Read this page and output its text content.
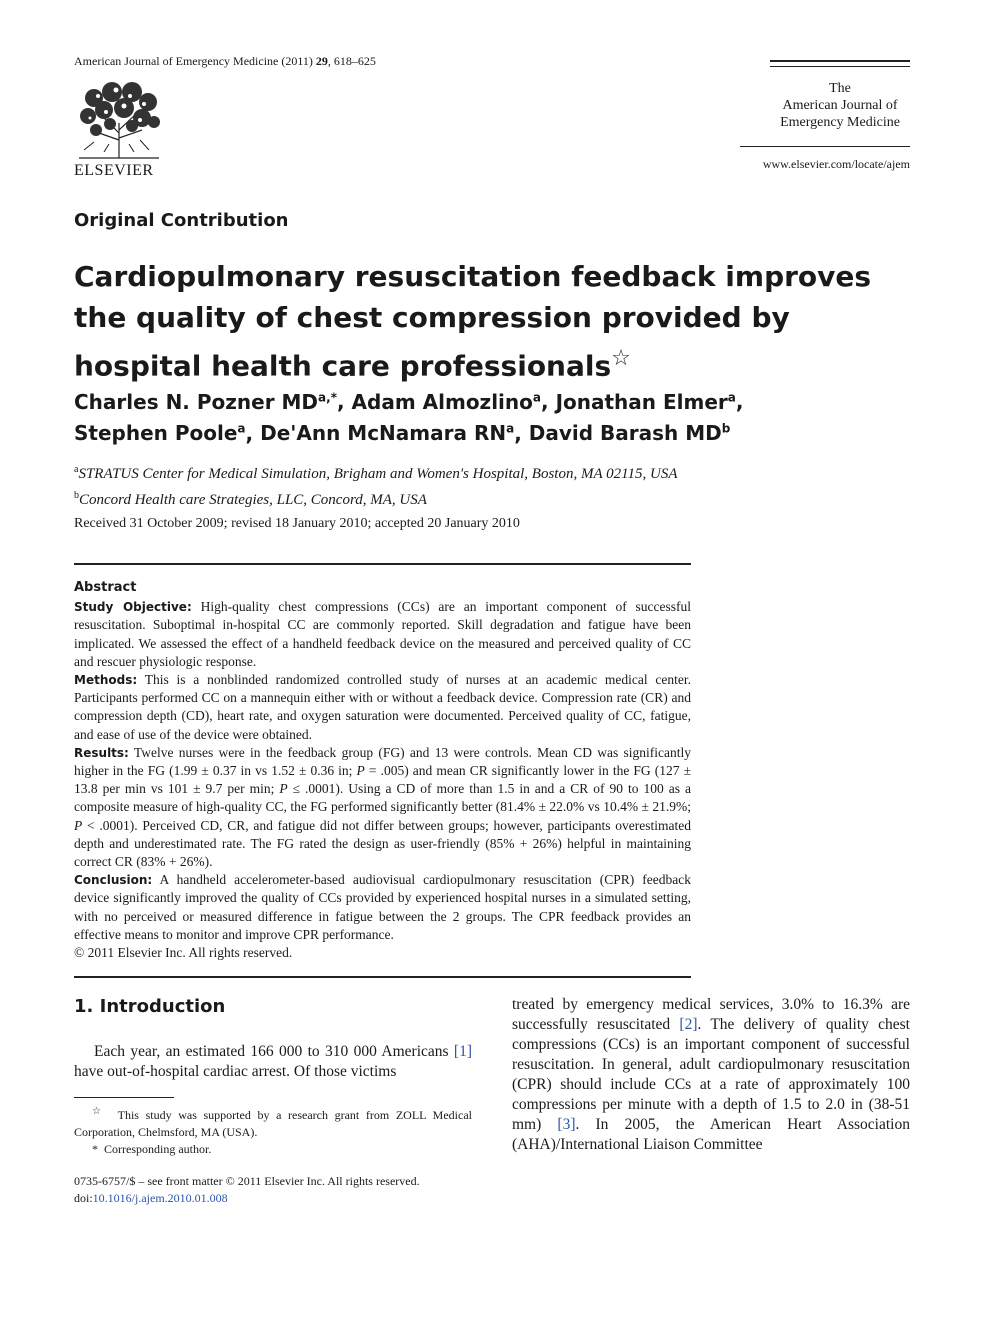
American Journal of Emergency Medicine (2011) 29, 618–625
ELSEVIER
The
American Journal of
Emergency Medicine
www.elsevier.com/locate/ajem
Original Contribution
Cardiopulmonary resuscitation feedback improves the quality of chest compression provided by hospital health care professionals☆
Charles N. Pozner $MD^{a,*}$, Adam Almozlino$^a$, Jonathan Elmer$^a$,
Stephen Poole$^a$, De'Ann McNamara $RN^a$, David Barash $MD^b$
$^a$STRATUS Center for Medical Simulation, Brigham and Women's Hospital, Boston, MA 02115, USA
$^b$Concord Health care Strategies, LLC, Concord, MA, USA
Received 31 October 2009; revised 18 January 2010; accepted 20 January 2010
Abstract

Study Objective: High-quality chest compressions (CCs) are an important component of successful resuscitation. Suboptimal in-hospital CC are commonly reported. Skill degradation and fatigue have been implicated. We assessed the effect of a handheld feedback device on the measured and perceived quality of CC and rescuer physiologic response.

Methods: This is a nonblinded randomized controlled study of nurses at an academic medical center. Participants performed CC on a mannequin either with or without a feedback device. Compression rate (CR) and compression depth (CD), heart rate, and oxygen saturation were documented. Perceived quality of CC, fatigue, and ease of use of the device were obtained.

Results: Twelve nurses were in the feedback group (FG) and 13 were controls. Mean CD was significantly higher in the FG (1.99 ± 0.37 in vs 1.52 ± 0.36 in; P = .005) and mean CR significantly lower in the FG (127 ± 13.8 per min vs 101 ± 9.7 per min; P ≤ .0001). Using a CD of more than 1.5 in and a CR of 90 to 100 as a composite measure of high-quality CC, the FG performed significantly better (81.4% ± 22.0% vs 10.4% ± 21.9%; P < .0001). Perceived CD, CR, and fatigue did not differ between groups; however, participants overestimated depth and underestimated rate. The FG rated the design as user-friendly (85% + 26%) helpful in maintaining correct CR (83% + 26%).

Conclusion: A handheld accelerometer-based audiovisual cardiopulmonary resuscitation (CPR) feedback device significantly improved the quality of CCs provided by experienced hospital nurses in a simulated setting, with no perceived or measured difference in fatigue between the 2 groups. The CPR feedback provides an effective means to monitor and improve CPR performance.

© 2011 Elsevier Inc. All rights reserved.

1. Introduction

Each year, an estimated 166 000 to 310 000 Americans [1] have out-of-hospital cardiac arrest. Of those victims

☆ This study was supported by a research grant from ZOLL Medical Corporation, Chelmsford, MA (USA).

* Corresponding author.

0735-6757/$ – see front matter © 2011 Elsevier Inc. All rights reserved.

doi:10.1016/j.ajem.2010.01.008

treated by emergency medical services, 3.0% to 16.3% are successfully resuscitated [2]. The delivery of quality chest compressions (CCs) is an important component of successful resuscitation. In general, adult cardiopulmonary resuscitation (CPR) should include CCs at a rate of approximately 100 compressions per minute with a depth of 1.5 to 2.0 in (38-51 mm) [3]. In 2005, the American Heart Association (AHA)/International Liaison Committee
